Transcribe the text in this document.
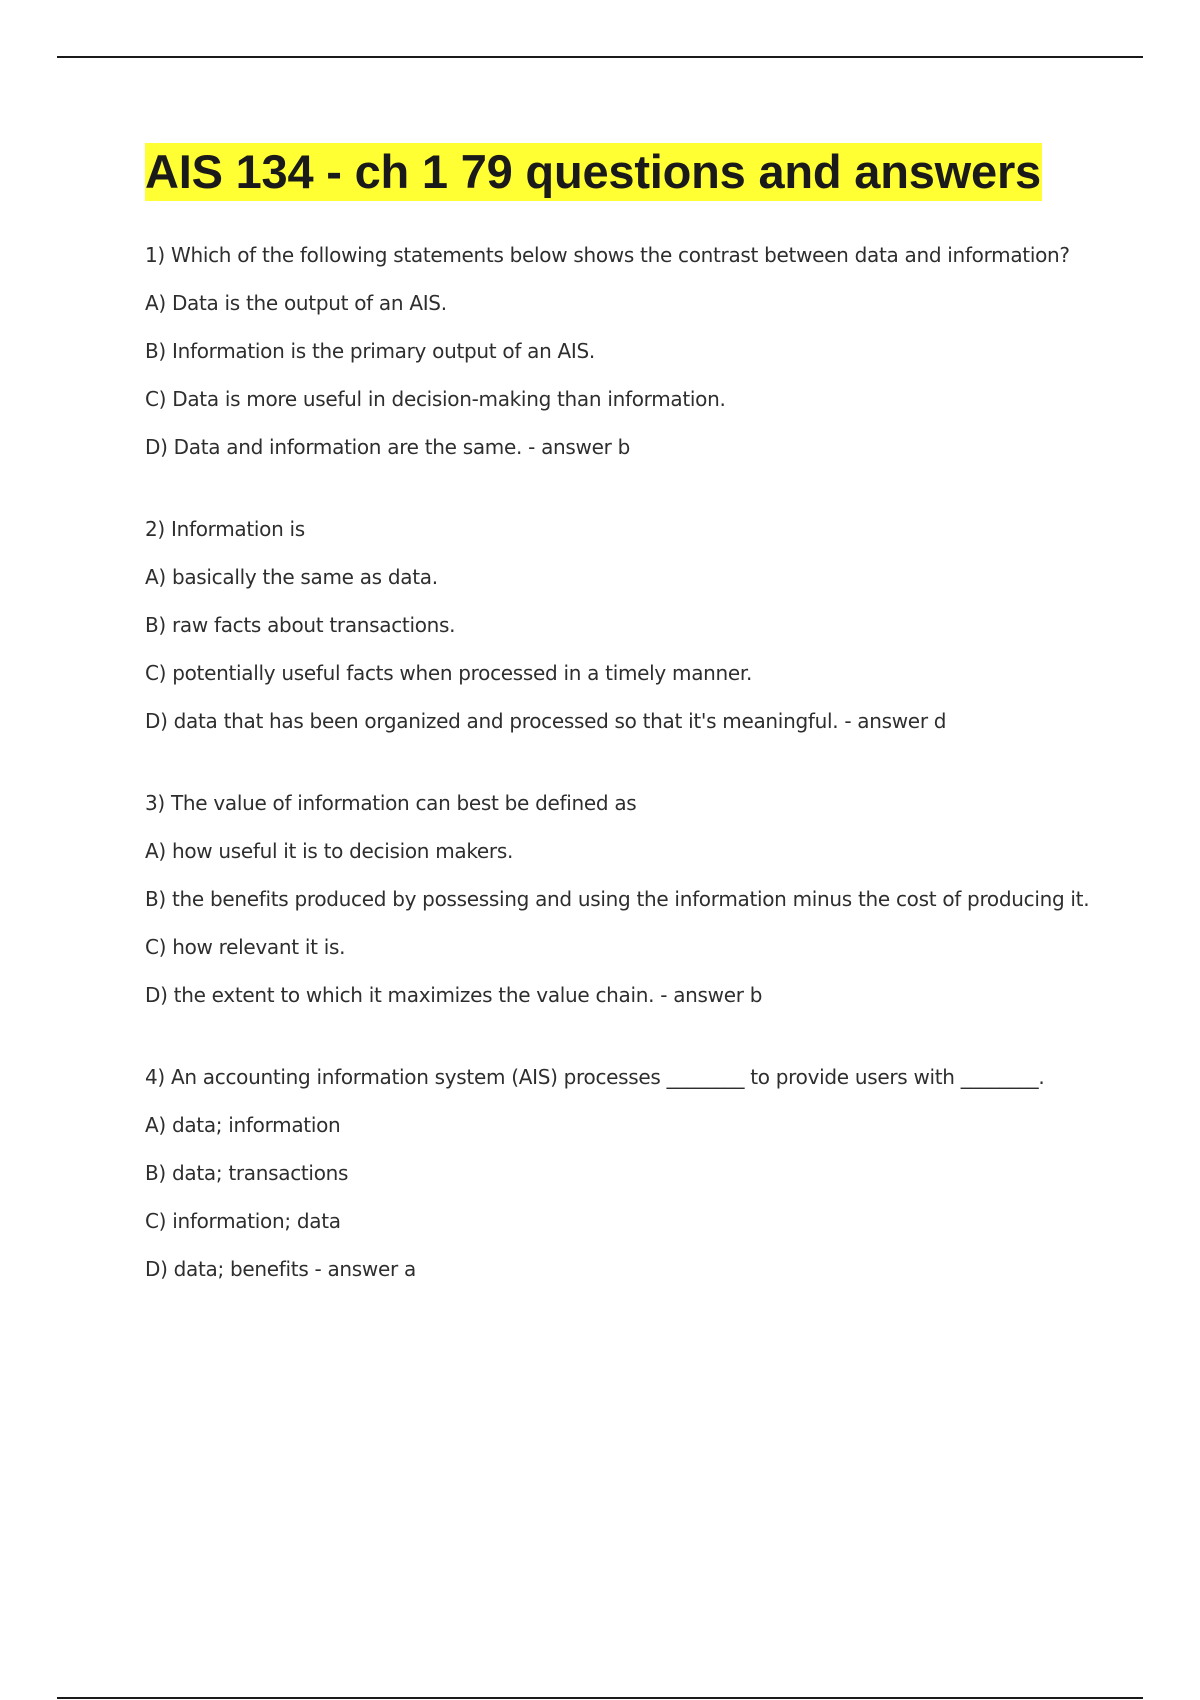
AIS 134 - ch 1 79 questions and answers
1) Which of the following statements below shows the contrast between data and information?
A) Data is the output of an AIS.
B) Information is the primary output of an AIS.
C) Data is more useful in decision-making than information.
D) Data and information are the same. - answer b
2) Information is
A) basically the same as data.
B) raw facts about transactions.
C) potentially useful facts when processed in a timely manner.
D) data that has been organized and processed so that it's meaningful. - answer d
3) The value of information can best be defined as
A) how useful it is to decision makers.
B) the benefits produced by possessing and using the information minus the cost of producing it.
C) how relevant it is.
D) the extent to which it maximizes the value chain. - answer b
4) An accounting information system (AIS) processes ________ to provide users with ________.
A) data; information
B) data; transactions
C) information; data
D) data; benefits - answer a
